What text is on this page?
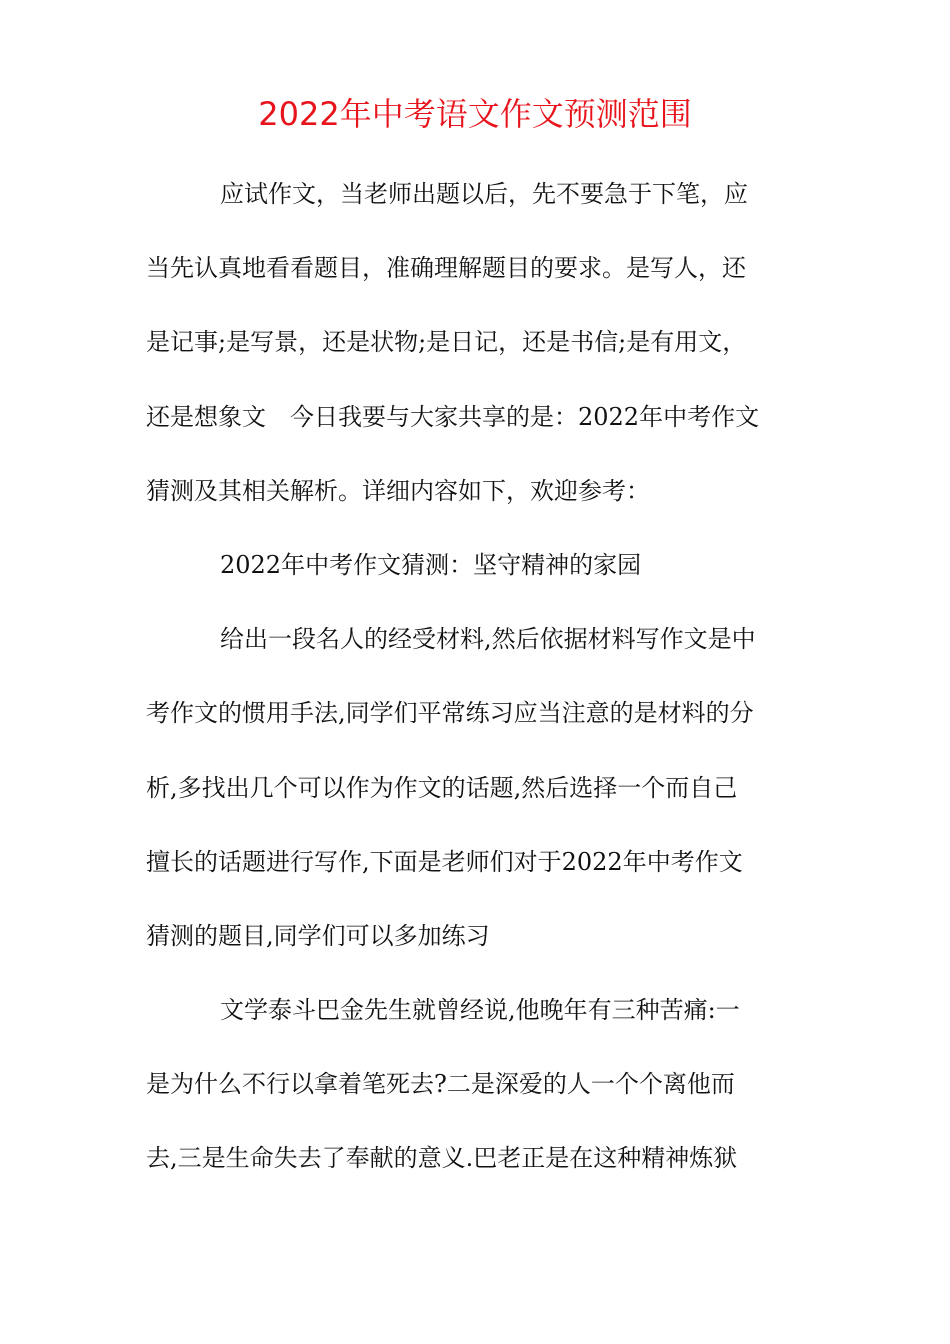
2022年中考语文作文预测范围
应试作文，当老师出题以后，先不要急于下笔，应
当先认真地看看题目，准确理解题目的要求。是写人，还
是记事;是写景，还是状物;是日记，还是书信;是有用文，
还是想象文　今日我要与大家共享的是：2022年中考作文
猜测及其相关解析。详细内容如下，欢迎参考：
2022年中考作文猜测：坚守精神的家园
给出一段名人的经受材料,然后依据材料写作文是中
考作文的惯用手法,同学们平常练习应当注意的是材料的分
析,多找出几个可以作为作文的话题,然后选择一个而自己
擅长的话题进行写作,下面是老师们对于2022年中考作文
猜测的题目,同学们可以多加练习
文学泰斗巴金先生就曾经说,他晚年有三种苦痛:一
是为什么不行以拿着笔死去?二是深爱的人一个个离他而
去,三是生命失去了奉献的意义.巴老正是在这种精神炼狱
